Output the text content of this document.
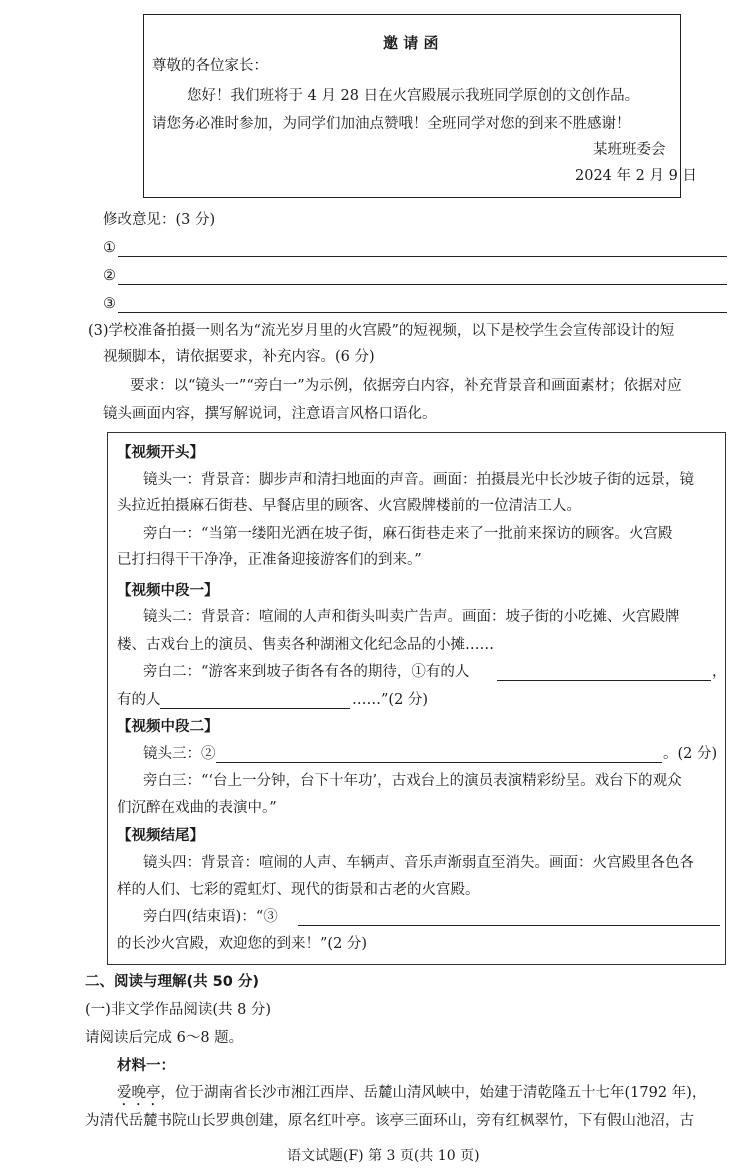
邀 请 函
尊敬的各位家长：
您好！我们班将于 4 月 28 日在火宫殿展示我班同学原创的文创作品。
请您务必准时参加，为同学们加油点赞哦！全班同学对您的到来不胜感谢！
某班班委会
2024 年 2 月 9 日
修改意见：(3 分)
①
②
③
(3)学校准备拍摄一则名为“流光岁月里的火宫殿”的短视频，以下是校学生会宣传部设计的短
视频脚本，请依据要求，补充内容。(6 分)
要求：以“镜头一”“旁白一”为示例，依据旁白内容，补充背景音和画面素材；依据对应
镜头画面内容，撰写解说词，注意语言风格口语化。
【视频开头】
镜头一：背景音：脚步声和清扫地面的声音。画面：拍摄晨光中长沙坡子街的远景，镜
头拉近拍摄麻石街巷、早餐店里的顾客、火宫殿牌楼前的一位清洁工人。
旁白一：“当第一缕阳光洒在坡子街，麻石街巷走来了一批前来探访的顾客。火宫殿
已打扫得干干净净，正准备迎接游客们的到来。”
【视频中段一】
镜头二：背景音：喧闹的人声和街头叫卖广告声。画面：坡子街的小吃摊、火宫殿牌
楼、古戏台上的演员、售卖各种湖湘文化纪念品的小摊……
旁白二：“游客来到坡子街各有各的期待，①有的人	，
有的人	……”(2 分)
【视频中段二】
镜头三：②	。(2 分)
旁白三：“‘台上一分钟，台下十年功’，古戏台上的演员表演精彩纷呈。戏台下的观众
们沉醉在戏曲的表演中。”
【视频结尾】
镜头四：背景音：喧闹的人声、车辆声、音乐声渐弱直至消失。画面：火宫殿里各色各
样的人们、七彩的霓虹灯、现代的街景和古老的火宫殿。
旁白四(结束语)：“③
的长沙火宫殿，欢迎您的到来！”(2 分)
二、阅读与理解(共 50 分)
(一)非文学作品阅读(共 8 分)
请阅读后完成 6～8 题。
材料一：
爱晚亭，位于湖南省长沙市湘江西岸、岳麓山清风峡中，始建于清乾隆五十七年(1792 年)，
为清代岳麓书院山长罗典创建，原名红叶亭。该亭三面环山，旁有红枫翠竹，下有假山池沼，古
语文试题(F) 第 3 页(共 10 页)
